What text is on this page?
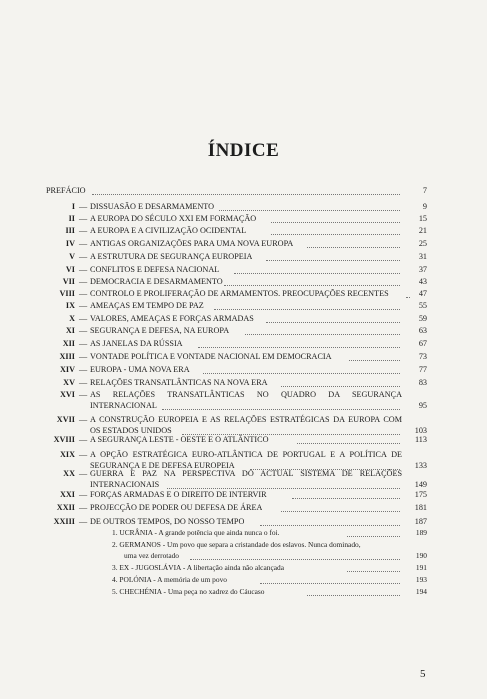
ÍNDICE
PREFÁCIO	7
I — DISSUASÃO E DESARMAMENTO	9
II — A EUROPA DO SÉCULO XXI EM FORMAÇÃO	15
III — A EUROPA E A CIVILIZAÇÃO OCIDENTAL	21
IV — ANTIGAS ORGANIZAÇÕES PARA UMA NOVA EUROPA	25
V — A ESTRUTURA DE SEGURANÇA EUROPEIA	31
VI — CONFLITOS E DEFESA NACIONAL	37
VII — DEMOCRACIA E DESARMAMENTO	43
VIII — CONTROLO E PROLIFERAÇÃO DE ARMAMENTOS. PREOCUPAÇÕES RECENTES	47
IX — AMEAÇAS EM TEMPO DE PAZ	55
X — VALORES, AMEAÇAS E FORÇAS ARMADAS	59
XI — SEGURANÇA E DEFESA, NA EUROPA	63
XII — AS JANELAS DA RÚSSIA	67
XIII — VONTADE POLÍTICA E VONTADE NACIONAL EM DEMOCRACIA	73
XIV — EUROPA - UMA NOVA ERA	77
XV — RELAÇÕES TRANSATLÂNTICAS NA NOVA ERA	83
XVI — AS RELAÇÕES TRANSATLÂNTICAS NO QUADRO DA SEGURANÇA
INTERNACIONAL	95
XVII — A CONSTRUÇÃO EUROPEIA E AS RELAÇÕES ESTRATÉGICAS DA EUROPA COM
OS ESTADOS UNIDOS	103
XVIII — A SEGURANÇA LESTE - OESTE E O ATLÂNTICO	113
XIX — A OPÇÃO ESTRATÉGICA EURO-ATLÂNTICA DE PORTUGAL E A POLÍTICA DE
SEGURANÇA E DE DEFESA EUROPEIA	133
XX — GUERRA E PAZ NA PERSPECTIVA DO ACTUAL SISTEMA DE RELAÇÕES
INTERNACIONAIS	149
XXI — FORÇAS ARMADAS E O DIREITO DE INTERVIR	175
XXII — PROJECÇÃO DE PODER OU DEFESA DE ÁREA	181
XXIII — DE OUTROS TEMPOS, DO NOSSO TEMPO	187
1. UCRÂNIA - A grande potência que ainda nunca o foi.	189
2. GERMANOS - Um povo que separa a cristandade dos eslavos. Nunca dominado,
uma vez derrotado	190
3. EX - JUGOSLÁVIA - A libertação ainda não alcançada	191
4. POLÓNIA - A memória de um povo	193
5. CHECHÉNIA - Uma peça no xadrez do Cáucaso	194
5
